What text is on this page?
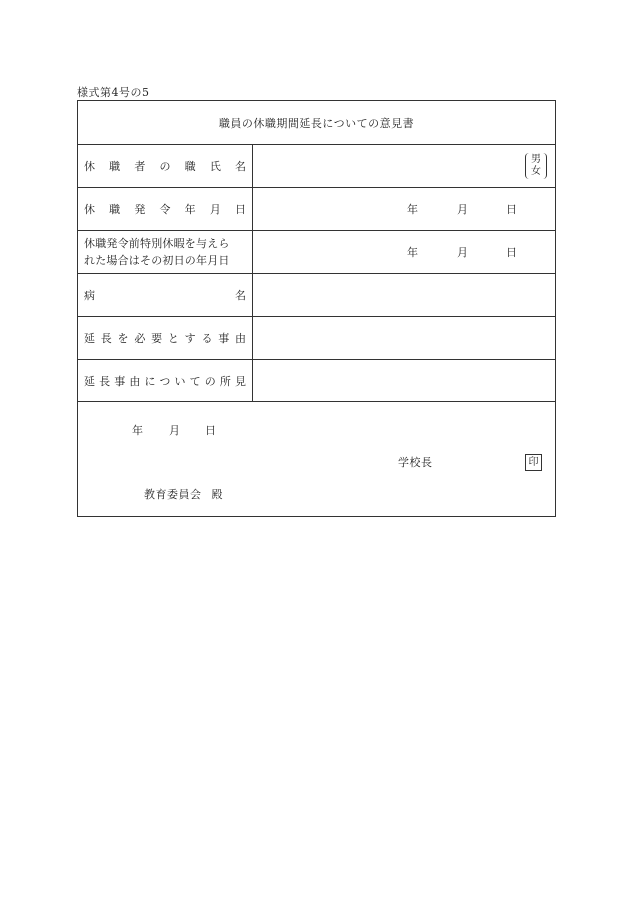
様式第4号の5
職員の休職期間延長についての意見書
休職者の職氏名
男
女
休職発令年月日	年	月	日
休職発令前特別休暇を与えら
れた場合はその初日の年月日
年	月	日
病名
延長を必要とする事由
延長事由についての所見
年 月 日
学校長	印
教育委員会 殿
